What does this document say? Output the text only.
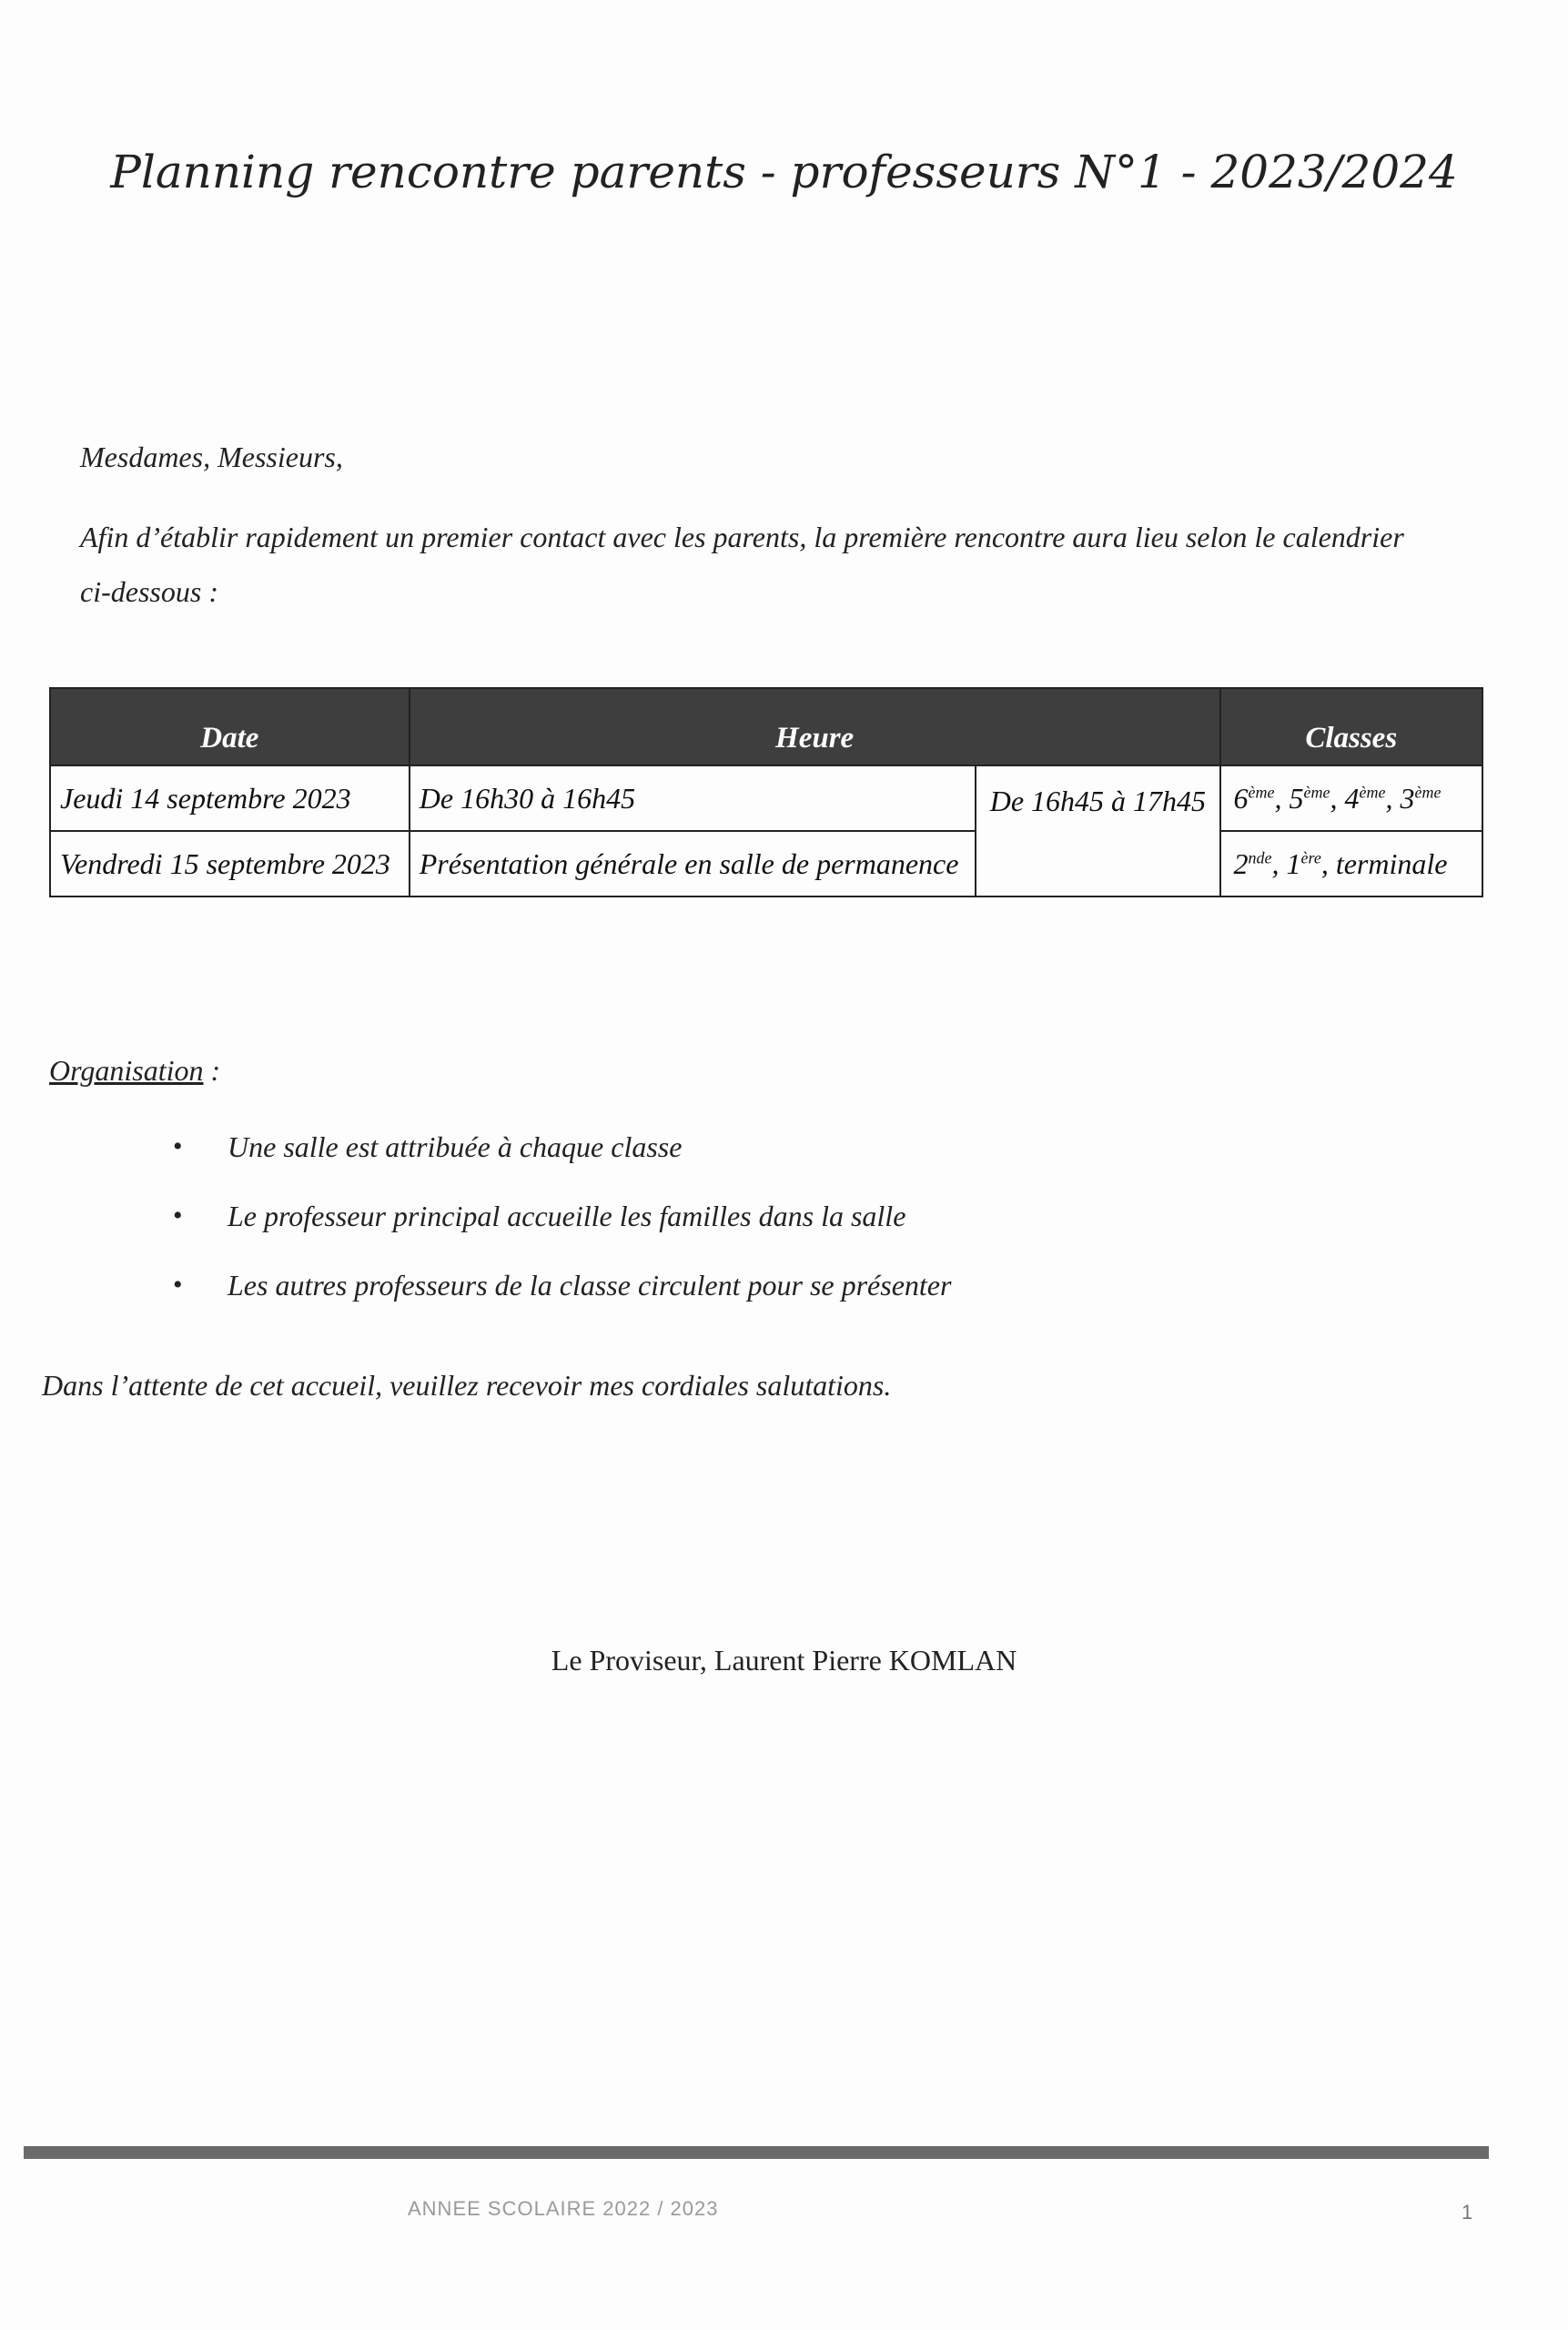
Planning rencontre parents - professeurs N°1 - 2023/2024
Mesdames, Messieurs,
Afin d’établir rapidement un premier contact avec les parents, la première rencontre aura lieu selon le calendrier ci-dessous :
Date	Heure		Classes
Jeudi 14 septembre 2023	De 16h30 à 16h45	De 16h45 à 17h45	6ème, 5ème, 4ème, 3ème
Vendredi 15 septembre 2023	Présentation générale en salle de permanence		2nde, 1ère, terminale
Organisation :
•	Une salle est attribuée à chaque classe
•	Le professeur principal accueille les familles dans la salle
•	Les autres professeurs de la classe circulent pour se présenter
Dans l’attente de cet accueil, veuillez recevoir mes cordiales salutations.
Le Proviseur, Laurent Pierre KOMLAN
ANNEE SCOLAIRE 2022 / 2023	1
